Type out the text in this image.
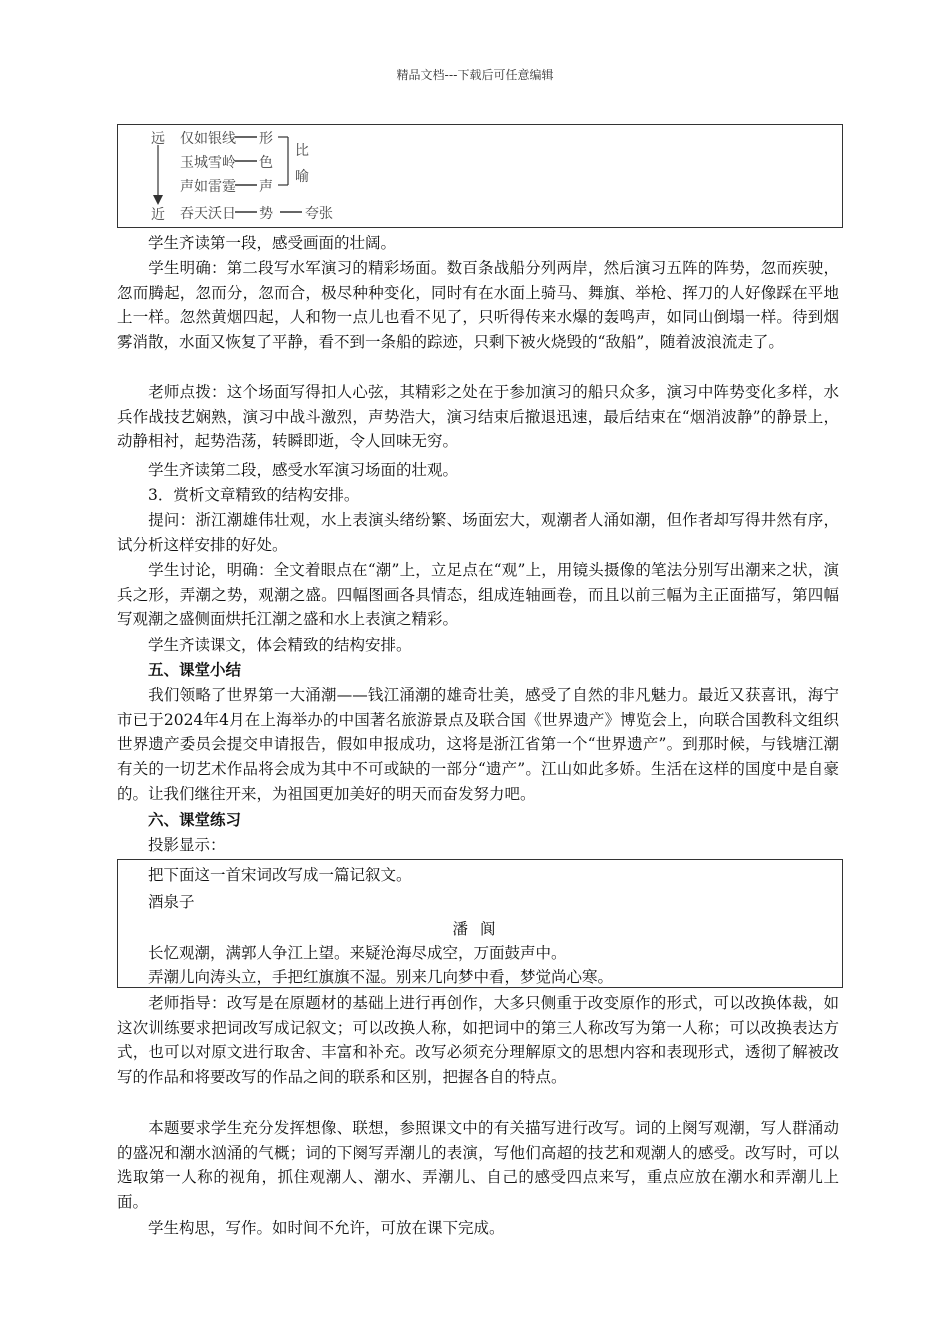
精品文档---下载后可任意编辑
远
近
仅如银线 形
玉城雪岭 色
声如雷霆 声
吞天沃日 势 夸张
比
喻

学生齐读第一段，感受画面的壮阔。

学生明确：第二段写水军演习的精彩场面。数百条战船分列两岸，然后演习五阵的阵势，忽而疾驶，忽而腾起，忽而分，忽而合，极尽种种变化，同时有在水面上骑马、舞旗、举枪、挥刀的人好像踩在平地上一样。忽然黄烟四起，人和物一点儿也看不见了，只听得传来水爆的轰鸣声，如同山倒塌一样。待到烟雾消散，水面又恢复了平静，看不到一条船的踪迹，只剩下被火烧毁的“敌船”，随着波浪流走了。

老师点拨：这个场面写得扣人心弦，其精彩之处在于参加演习的船只众多，演习中阵势变化多样，水兵作战技艺娴熟，演习中战斗激烈，声势浩大，演习结束后撤退迅速，最后结束在“烟消波静”的静景上，动静相衬，起势浩荡，转瞬即逝，令人回味无穷。

学生齐读第二段，感受水军演习场面的壮观。

3．赏析文章精致的结构安排。

提问：浙江潮雄伟壮观，水上表演头绪纷繁、场面宏大，观潮者人涌如潮，但作者却写得井然有序，试分析这样安排的好处。

学生讨论，明确：全文着眼点在“潮”上，立足点在“观”上，用镜头摄像的笔法分别写出潮来之状，演兵之形，弄潮之势，观潮之盛。四幅图画各具情态，组成连轴画卷，而且以前三幅为主正面描写，第四幅写观潮之盛侧面烘托江潮之盛和水上表演之精彩。

学生齐读课文，体会精致的结构安排。

五、课堂小结

我们领略了世界第一大涌潮——钱江涌潮的雄奇壮美，感受了自然的非凡魅力。最近又获喜讯，海宁市已于2024年4月在上海举办的中国著名旅游景点及联合国《世界遗产》博览会上，向联合国教科文组织世界遗产委员会提交申请报告，假如申报成功，这将是浙江省第一个“世界遗产”。到那时候，与钱塘江潮有关的一切艺术作品将会成为其中不可或缺的一部分“遗产”。江山如此多娇。生活在这样的国度中是自豪的。让我们继往开来，为祖国更加美好的明天而奋发努力吧。

六、课堂练习

投影显示：

把下面这一首宋词改写成一篇记叙文。
酒泉子
潘阆
长忆观潮，满郭人争江上望。来疑沧海尽成空，万面鼓声中。
弄潮儿向涛头立，手把红旗旗不湿。别来几向梦中看，梦觉尚心寒。

老师指导：改写是在原题材的基础上进行再创作，大多只侧重于改变原作的形式，可以改换体裁，如这次训练要求把词改写成记叙文；可以改换人称，如把词中的第三人称改写为第一人称；可以改换表达方式，也可以对原文进行取舍、丰富和补充。改写必须充分理解原文的思想内容和表现形式，透彻了解被改写的作品和将要改写的作品之间的联系和区别，把握各自的特点。

本题要求学生充分发挥想像、联想，参照课文中的有关描写进行改写。词的上阕写观潮，写人群涌动的盛况和潮水汹涌的气概；词的下阕写弄潮儿的表演，写他们高超的技艺和观潮人的感受。改写时，可以选取第一人称的视角，抓住观潮人、潮水、弄潮儿、自己的感受四点来写，重点应放在潮水和弄潮儿上面。

学生构思，写作。如时间不允许，可放在课下完成。
